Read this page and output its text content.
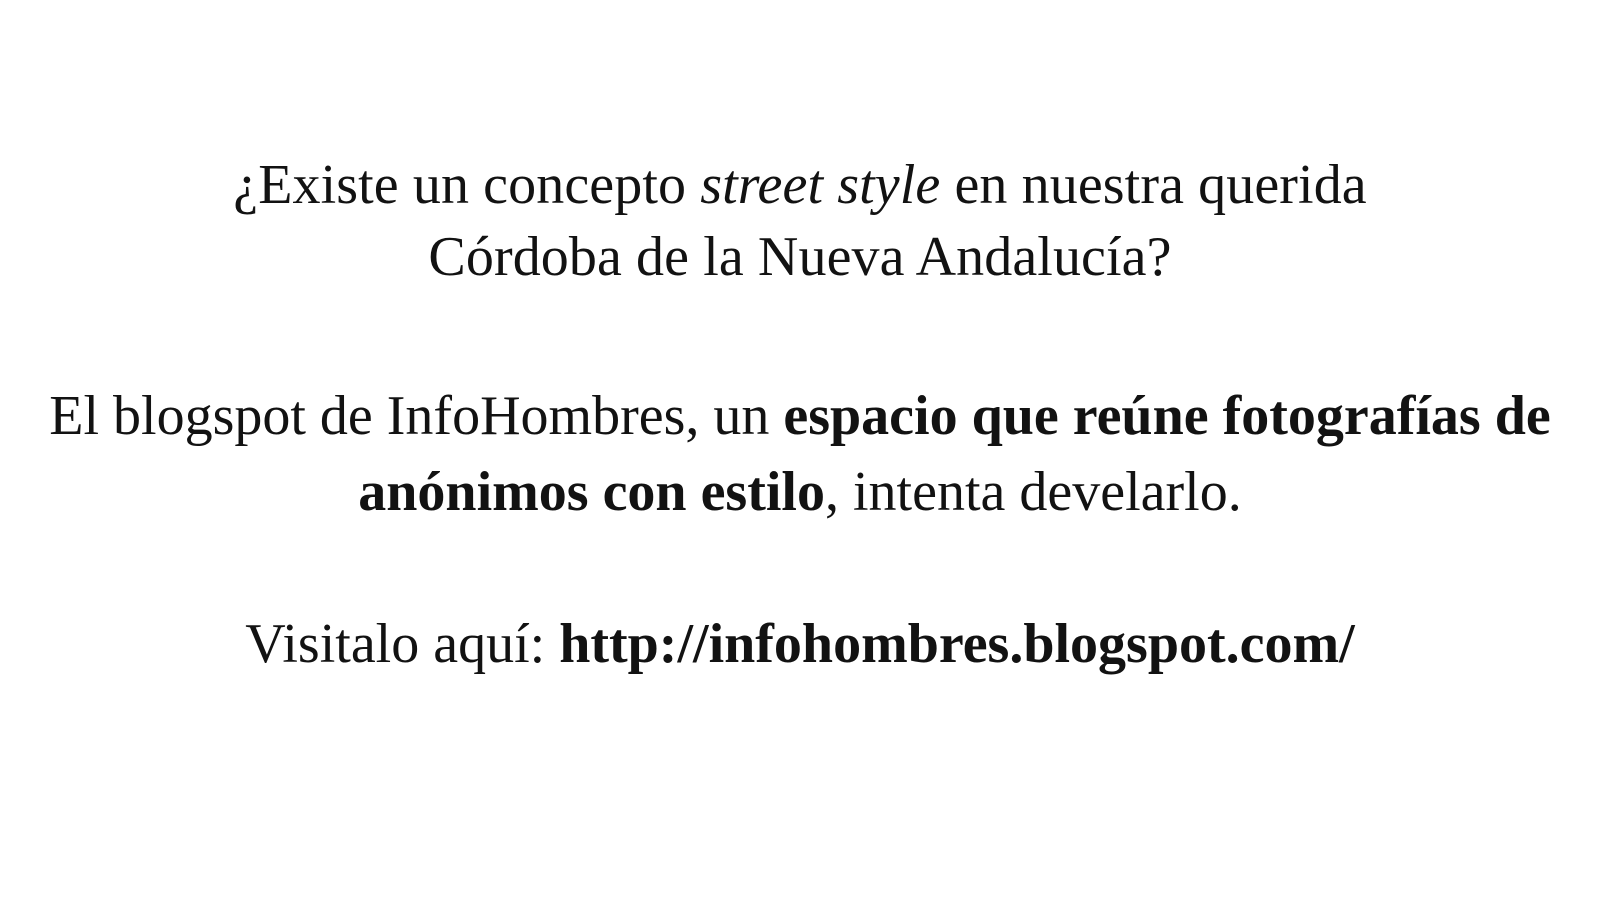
¿Existe un concepto street style en nuestra querida
Córdoba de la Nueva Andalucía?
El blogspot de InfoHombres, un espacio que reúne fotografías de anónimos con estilo, intenta develarlo.
Visitalo aquí: http://infohombres.blogspot.com/
